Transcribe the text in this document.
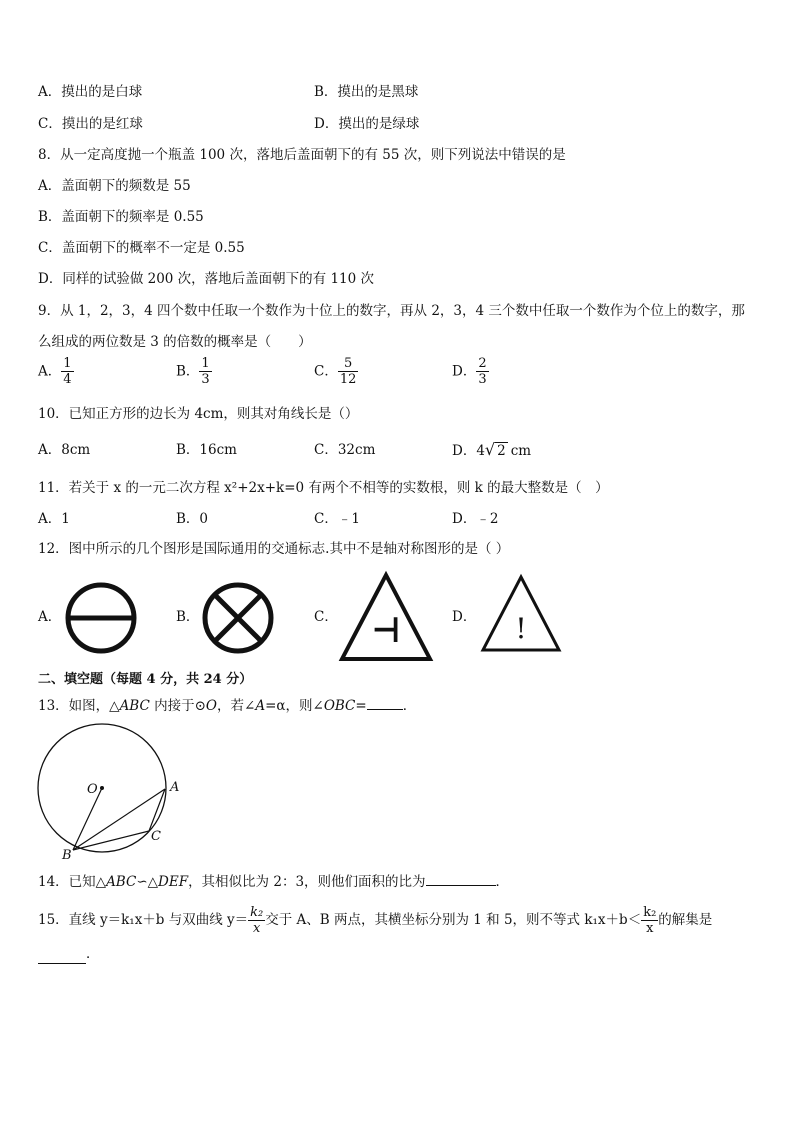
A．摸出的是白球	B．摸出的是黑球
C．摸出的是红球	D．摸出的是绿球
8．从一定高度抛一个瓶盖 100 次，落地后盖面朝下的有 55 次，则下列说法中错误的是
A．盖面朝下的频数是 55
B．盖面朝下的频率是 0.55
C．盖面朝下的概率不一定是 0.55
D．同样的试验做 200 次，落地后盖面朝下的有 110 次
9．从 1，2，3，4 四个数中任取一个数作为十位上的数字，再从 2，3，4 三个数中任取一个数作为个位上的数字，那
么组成的两位数是 3 的倍数的概率是（　　）
A． $\frac{1}{4}$	B． $\frac{1}{3}$	C． $\frac{5}{12}$	D． $\frac{2}{3}$
10．已知正方形的边长为 4cm，则其对角线长是（）
A．8cm	B．16cm	C．32cm	D．4√ 2 cm
11．若关于 x 的一元二次方程 x²+2x+k=0 有两个不相等的实数根，则 k 的最大整数是（　）
A．1	B．0	C．﹣1	D．﹣2
12．图中所示的几个图形是国际通用的交通标志.其中不是轴对称图形的是（ ）
A．	B．	C． ⊣	D． !
二、填空题（每题 4 分，共 24 分）
13．如图，△ABC 内接于⊙O，若∠A=α，则∠OBC=	．
O	A
C
B
14．已知△ABC∽△DEF，其相似比为 2：3，则他们面积的比为	．
15．直线 y＝k₁x＋b 与双曲线 $y= \frac{\text{k₂}}{x}$ 交于 A、B 两点，其横坐标分别为 1 和 5，则不等式 $k_1x+b< \frac{\text{k₂}}{x}$ 的解集是
．
